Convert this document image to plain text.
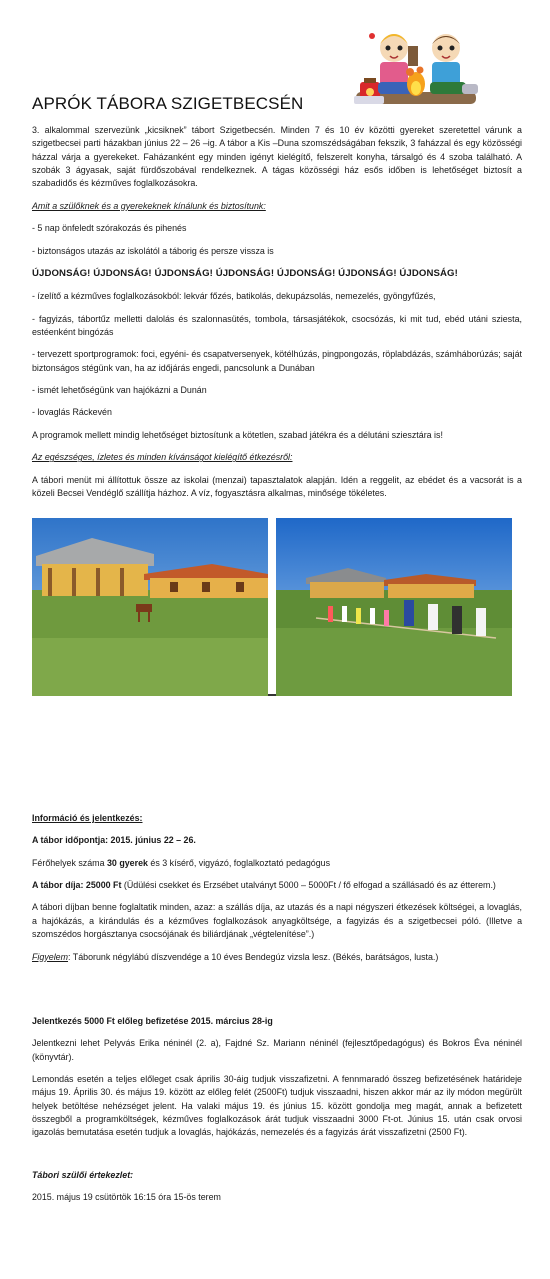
APRÓK TÁBORA SZIGETBECSÉN

3. alkalommal szervezünk „kicsiknek” tábort Szigetbecsén. Minden 7 és 10 év közötti gyereket szeretettel várunk a szigetbecsei parti házakban június 22 – 26 –ig. A tábor a Kis –Duna szomszédságában fekszik, 3 faházzal és egy közösségi házzal várja a gyerekeket. Faházanként egy minden igényt kielégítő, felszerelt konyha, társalgó és 4 szoba található. A szobák 3 ágyasak, saját fürdőszobával rendelkeznek. A tágas közösségi ház esős időben is lehetőséget biztosít a szabadidős és kézműves foglalkozásokra.

Amit a szülőknek és a gyerekeknek kínálunk és biztosítunk:

- 5 nap önfeledt szórakozás és pihenés

- biztonságos utazás az iskolától a táborig és persze vissza is

ÚJDONSÁG! ÚJDONSÁG! ÚJDONSÁG! ÚJDONSÁG! ÚJDONSÁG! ÚJDONSÁG! ÚJDONSÁG!

- ízelítő a kézműves foglalkozásokból: lekvár főzés, batikolás, dekupázsolás, nemezelés, gyöngyfűzés,

- fagyizás, tábortűz melletti dalolás és szalonnasütés, tombola, társasjátékok, csocsózás, ki mit tud, ebéd utáni sziesta, estéenként bingózás

- tervezett sportprogramok: foci, egyéni- és csapatversenyek, kötélhúzás, pingpongozás, röplabdázás, számháborúzás; saját biztonságos stégünk van, ha az időjárás engedi, pancsolunk a Dunában

- ismét lehetőségünk van hajókázni a Dunán

- lovaglás Ráckevén

A programok mellett mindig lehetőséget biztosítunk a kötetlen, szabad játékra és a délutáni sziesztára is!

Az egészséges, ízletes és minden kívánságot kielégítő étkezésről:

A tábori menüt mi állítottuk össze az iskolai (menzai) tapasztalatok alapján. Idén a reggelit, az ebédet és a vacsorát is a közeli Becsei Vendéglő szállítja házhoz. A víz, fogyasztásra alkalmas, minősége tökéletes.

Információ és jelentkezés:

A tábor időpontja: 2015. június 22 – 26.

Férőhelyek száma 30 gyerek és 3 kísérő, vigyázó, foglalkoztató pedagógus

A tábor díja: 25000 Ft (Üdülési csekket és Erzsébet utalványt 5000 – 5000Ft / fő elfogad a szállásadó és az étterem.)

A tábori díjban benne foglaltatik minden, azaz: a szállás díja, az utazás és a napi négyszeri étkezések költségei, a lovaglás, a hajókázás, a kirándulás és a kézműves foglalkozások anyagköltsége, a fagyizás és a szigetbecsei póló. (Illetve a szomszédos horgásztanya csocsójának és biliárdjának „végtelenítése”.)

Figyelem: Táborunk négylábú díszvendége a 10 éves Bendegúz vizsla lesz. (Békés, barátságos, lusta.)

Jelentkezés 5000 Ft előleg befizetése 2015. március 28-ig

Jelentkezni lehet Pelyvás Erika néninél (2. a), Fajdné Sz. Mariann néninél (fejlesztőpedagógus) és Bokros Éva néninél (könyvtár).

Lemondás esetén a teljes előleget csak április 30-áig tudjuk visszafizetni. A fennmaradó összeg befizetésének határideje május 19. Április 30. és május 19. között az előleg felét (2500Ft) tudjuk visszaadni, hiszen akkor már az ily módon megürült helyek betöltése nehézséget jelent. Ha valaki május 19. és június 15. között gondolja meg magát, annak a befizetett összegből a programköltségek, kézműves foglalkozások árát tudjuk visszaadni 3000 Ft-ot. Június 15. után csak orvosi igazolás bemutatása esetén tudjuk a lovaglás, hajókázás, nemezelés és a fagyizás árát visszafizetni (2500 Ft).

Tábori szülői értekezlet:

2015. május 19 csütörtök 16:15 óra 15-ös terem
